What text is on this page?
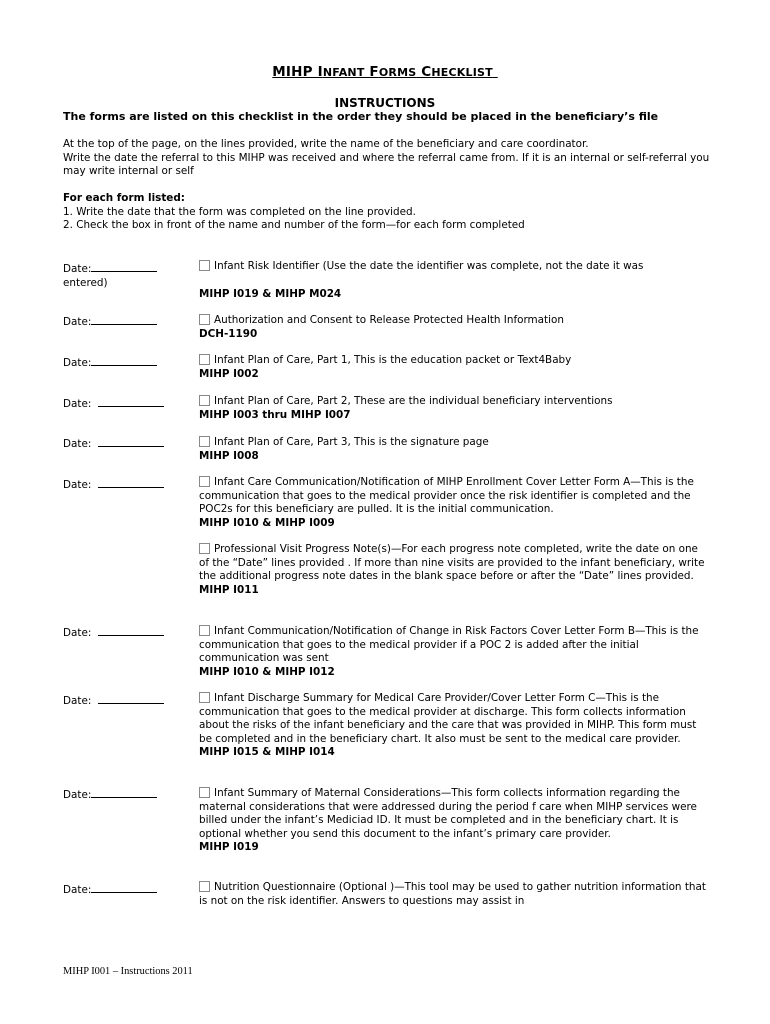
MIHP INFANT FORMS CHECKLIST
INSTRUCTIONS
The forms are listed on this checklist in the order they should be placed in the beneficiary’s file
At the top of the page, on the lines provided, write the name of the beneficiary and care coordinator.
Write the date the referral to this MIHP was received and where the referral came from. If it is an internal or self-referral you may write internal or self
For each form listed:
1. Write the date that the form was completed on the line provided.
2. Check the box in front of the name and number of the form—for each form completed
Date:
entered)
Date:
Date:
Date:
Date:
Date:
Date:
Date:
Date:
Date:
Infant Risk Identifier (Use the date the identifier was complete, not the date it was
MIHP I019 & MIHP M024
Authorization and Consent to Release Protected Health Information
DCH-1190
Infant Plan of Care, Part 1, This is the education packet or Text4Baby
MIHP I002
Infant Plan of Care, Part 2, These are the individual beneficiary interventions
MIHP I003 thru MIHP I007
Infant Plan of Care, Part 3, This is the signature page
MIHP I008
Infant Care Communication/Notification of MIHP Enrollment Cover Letter Form A—This is the communication that goes to the medical provider once the risk identifier is completed and the POC2s for this beneficiary are pulled. It is the initial communication.
MIHP I010 & MIHP I009
Professional Visit Progress Note(s)—For each progress note completed, write the date on one of the “Date” lines provided . If more than nine visits are provided to the infant beneficiary, write the additional progress note dates in the blank space before or after the “Date” lines provided.
MIHP I011
Infant Communication/Notification of Change in Risk Factors Cover Letter Form B—This is the communication that goes to the medical provider if a POC 2 is added after the initial communication was sent
MIHP I010 & MIHP I012
Infant Discharge Summary for Medical Care Provider/Cover Letter Form C—This is the communication that goes to the medical provider at discharge. This form collects information about the risks of the infant beneficiary and the care that was provided in MIHP. This form must be completed and in the beneficiary chart. It also must be sent to the medical care provider.
MIHP I015 & MIHP I014
Infant Summary of Maternal Considerations—This form collects information regarding the maternal considerations that were addressed during the period f care when MIHP services were billed under the infant’s Mediciad ID. It must be completed and in the beneficiary chart. It is optional whether you send this document to the infant’s primary care provider.
MIHP I019
Nutrition Questionnaire (Optional )—This tool may be used to gather nutrition information that is not on the risk identifier. Answers to questions may assist in
MIHP I001 – Instructions 2011
